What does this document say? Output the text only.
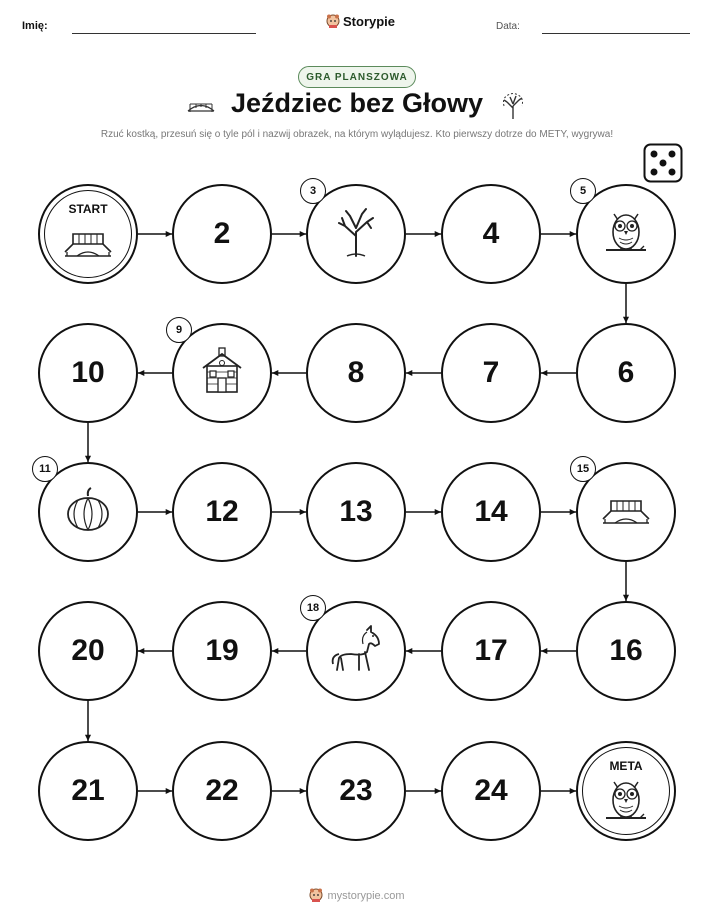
Imię:	Storypie	Data:
GRA PLANSZOWA
Jeździec bez Głowy
Rzuć kostką, przesuń się o tyle pól i nazwij obrazek, na którym wylądujesz. Kto pierwszy dotrze do METY, wygrywa!
START
2
3
4
5
6
7
8
9
10
11
12	13	14
15
16
17
18
19
20
21	22	23	24
META
mystorypie.com
